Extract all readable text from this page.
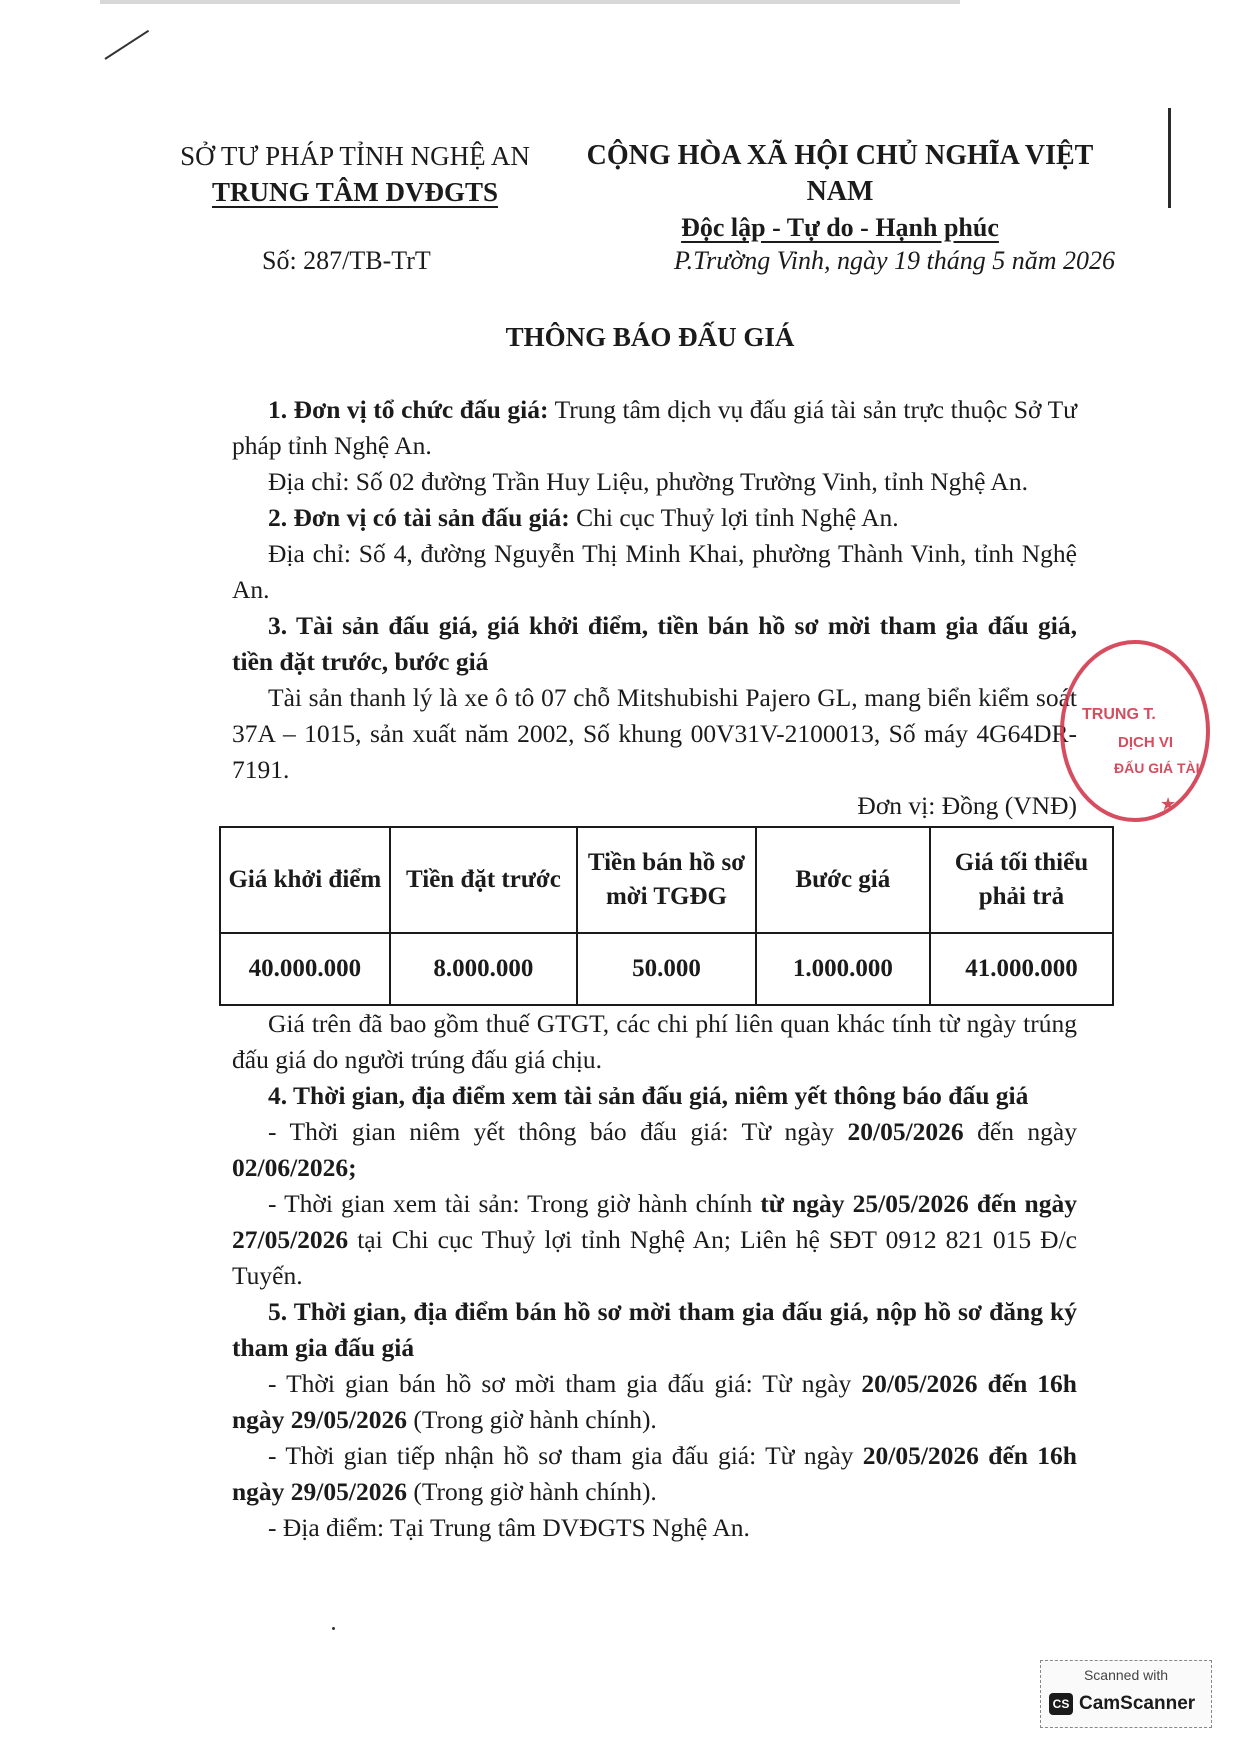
SỞ TƯ PHÁP TỈNH NGHỆ AN
TRUNG TÂM DVĐGTS
CỘNG HÒA XÃ HỘI CHỦ NGHĨA VIỆT NAM
Độc lập - Tự do - Hạnh phúc
Số: 287/TB-TrT	P.Trường Vinh, ngày 19 tháng 5 năm 2026
THÔNG BÁO ĐẤU GIÁ

1. Đơn vị tổ chức đấu giá: Trung tâm dịch vụ đấu giá tài sản trực thuộc Sở Tư pháp tỉnh Nghệ An.

Địa chỉ: Số 02 đường Trần Huy Liệu, phường Trường Vinh, tỉnh Nghệ An.

2. Đơn vị có tài sản đấu giá: Chi cục Thuỷ lợi tỉnh Nghệ An.

Địa chỉ: Số 4, đường Nguyễn Thị Minh Khai, phường Thành Vinh, tỉnh Nghệ An.

3. Tài sản đấu giá, giá khởi điểm, tiền bán hồ sơ mời tham gia đấu giá, tiền đặt trước, bước giá

Tài sản thanh lý là xe ô tô 07 chỗ Mitshubishi Pajero GL, mang biển kiểm soát 37A – 1015, sản xuất năm 2002, Số khung 00V31V-2100013, Số máy 4G64DR-7191.

Đơn vị: Đồng (VNĐ)

Giá khởi điểm	Tiền đặt trước	Tiền bán hồ sơ mời TGĐG	Bước giá	Giá tối thiểu phải trả
40.000.000	8.000.000	50.000	1.000.000	41.000.000

Giá trên đã bao gồm thuế GTGT, các chi phí liên quan khác tính từ ngày trúng đấu giá do người trúng đấu giá chịu.

4. Thời gian, địa điểm xem tài sản đấu giá, niêm yết thông báo đấu giá

- Thời gian niêm yết thông báo đấu giá: Từ ngày 20/05/2026 đến ngày 02/06/2026;

- Thời gian xem tài sản: Trong giờ hành chính từ ngày 25/05/2026 đến ngày 27/05/2026 tại Chi cục Thuỷ lợi tỉnh Nghệ An; Liên hệ SĐT 0912 821 015 Đ/c Tuyến.

5. Thời gian, địa điểm bán hồ sơ mời tham gia đấu giá, nộp hồ sơ đăng ký tham gia đấu giá

- Thời gian bán hồ sơ mời tham gia đấu giá: Từ ngày 20/05/2026 đến 16h ngày 29/05/2026 (Trong giờ hành chính).

- Thời gian tiếp nhận hồ sơ tham gia đấu giá: Từ ngày 20/05/2026 đến 16h ngày 29/05/2026 (Trong giờ hành chính).

- Địa điểm: Tại Trung tâm DVĐGTS Nghệ An.

TRUNG T.
DỊCH VI
ĐẤU GIÁ TÀI
★
Scanned with
CS CamScanner
